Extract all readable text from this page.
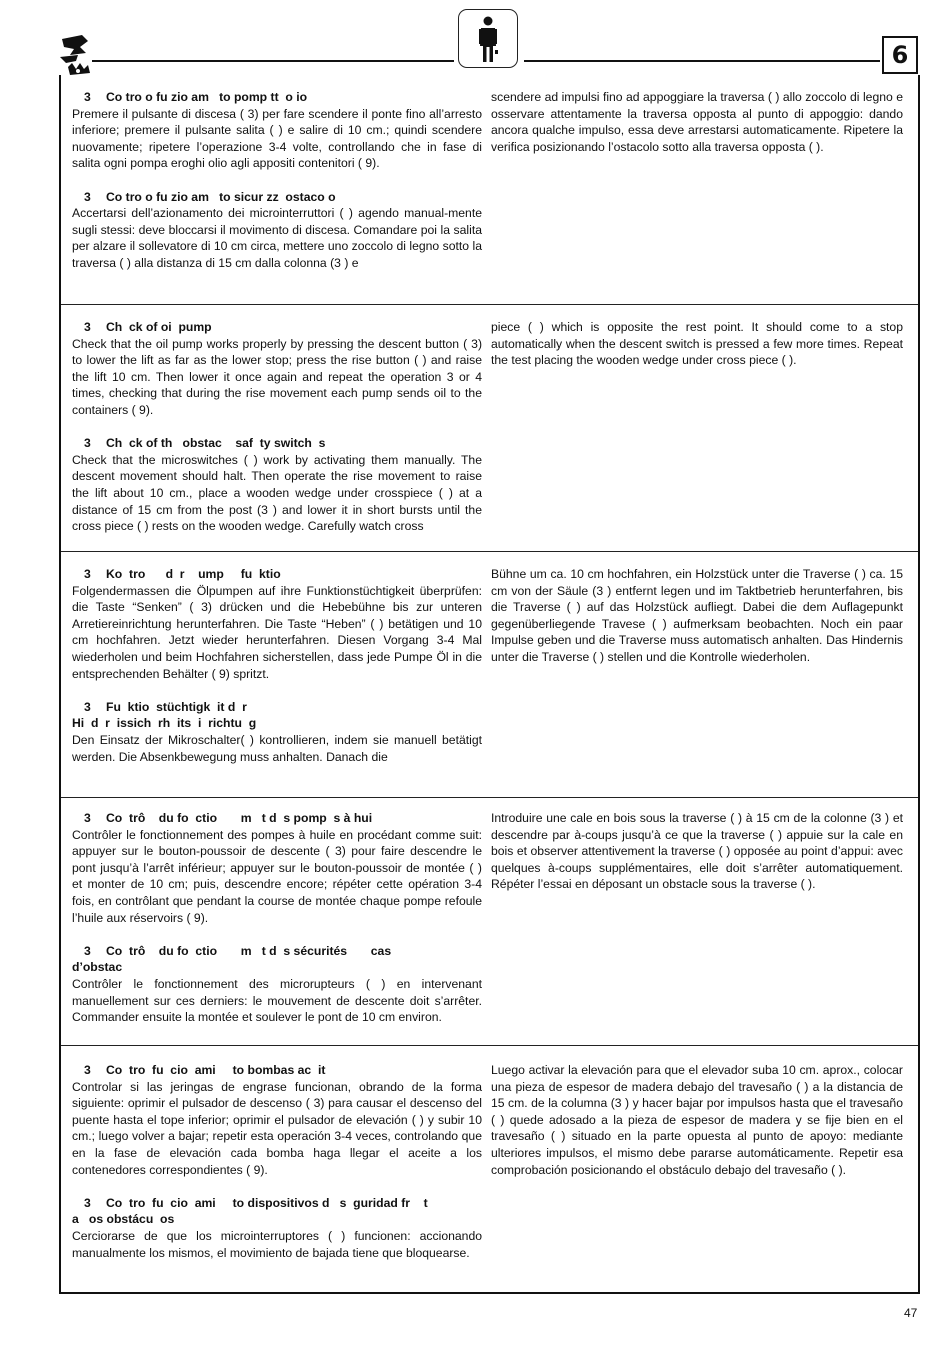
6

3 Co tro o fu zio am   to pomp tt  o io

Premere il pulsante di discesa ( 3) per fare scendere il ponte fino all’arresto inferiore; premere il pulsante salita ( ) e salire di 10 cm.; quindi scendere nuovamente; ripetere l’operazione 3-4 volte, controllando che in fase di salita ogni pompa eroghi olio agli appositi contenitori ( 9).

3 Co tro o fu zio am   to sicur zz  ostaco o

Accertarsi dell’azionamento dei microinterruttori ( ) agendo manual-mente sugli stessi: deve bloccarsi il movimento di discesa. Comandare poi la salita per alzare il sollevatore di 10 cm circa, mettere uno zoccolo di legno sotto la traversa ( ) alla distanza di 15 cm dalla colonna (3 ) e

scendere ad impulsi fino ad appoggiare la traversa ( ) allo zoccolo di legno e osservare attentamente la traversa opposta al punto di appoggio: dando ancora qualche impulso, essa deve arrestarsi automaticamente. Ripetere la verifica posizionando l’ostacolo sotto alla traversa opposta ( ).

3 Ch  ck of oi  pump

Check that the oil pump works properly by pressing the descent button ( 3) to lower the lift as far as the lower stop; press the rise button ( ) and raise the lift 10 cm. Then lower it once again and repeat the operation 3 or 4 times, checking that during the rise movement each pump sends oil to the containers ( 9).

3 Ch  ck of th   obstac    saf  ty switch  s

Check that the microswitches ( ) work by activating them manually. The descent movement should halt. Then operate the rise movement to raise the lift about 10 cm., place a wooden wedge under crosspiece ( ) at a distance of 15 cm from the post (3 ) and lower it in short bursts until the cross piece ( ) rests on the wooden wedge. Carefully watch cross

piece ( ) which is opposite the rest point. It should come to a stop automatically when the descent switch is pressed a few more times. Repeat the test placing the wooden wedge under cross piece ( ).

3 Ko  tro      d  r    ump     fu  ktio

Folgendermassen die Ölpumpen auf ihre Funktionstüchtigkeit überprüfen: die Taste “Senken” ( 3) drücken und die Hebebühne bis zur unteren Arretiereinrichtung herunterfahren. Die Taste “Heben” ( ) betätigen und 10 cm hochfahren. Jetzt wieder herunterfahren. Diesen Vorgang 3-4 Mal wiederholen und beim Hochfahren sicherstellen, dass jede Pumpe Öl in die entsprechenden Behälter ( 9) spritzt.

3 Fu  ktio  stüchtigk  it d  r
Hi  d  r  issich  rh  its  i  richtu  g

Den Einsatz der Mikroschalter( ) kontrollieren, indem sie manuell betätigt werden. Die Absenkbewegung muss anhalten. Danach die

Bühne um ca. 10 cm hochfahren, ein Holzstück unter die Traverse ( ) ca. 15 cm von der Säule (3 ) entfernt legen und im Taktbetrieb herunterfahren, bis die Traverse ( ) auf das Holzstück aufliegt. Dabei die dem Auflagepunkt gegenüberliegende Travese ( ) aufmerksam beobachten. Noch ein paar Impulse geben und die Traverse muss automatisch anhalten. Das Hindernis unter die Traverse ( ) stellen und die Kontrolle wiederholen.

3 Co  trô    du fo  ctio       m   t d  s pomp  s à hui

Contrôler le fonctionnement des pompes à huile en procédant comme suit: appuyer sur le bouton-poussoir de descente ( 3) pour faire descendre le pont jusqu’à l’arrêt inférieur; appuyer sur le bouton-poussoir de montée ( ) et monter de 10 cm; puis, descendre encore; répéter cette opération 3-4 fois, en contrôlant que pendant la course de montée chaque pompe refoule l’huile aux réservoirs ( 9).

3 Co  trô    du fo  ctio       m   t d  s sécurités       cas
d’obstac

Contrôler le fonctionnement des microrupteurs ( ) en intervenant manuellement sur ces derniers: le mouvement de descente doit s’arrêter. Commander ensuite la montée et soulever le pont de 10 cm environ.

Introduire une cale en bois sous la traverse ( ) à 15 cm de la colonne (3 ) et descendre par à-coups jusqu’à ce que la traverse ( ) appuie sur la cale en bois et observer attentivement la traverse ( ) opposée au point d’appui: avec quelques à-coups supplémentaires, elle doit s’arrêter automatiquement. Répéter l’essai en déposant un obstacle sous la traverse ( ).

3 Co  tro  fu  cio  ami     to bombas ac  it

Controlar si las jeringas de engrase funcionan, obrando de la forma siguiente: oprimir el pulsador de descenso ( 3) para causar el descenso del puente hasta el tope inferior; oprimir el pulsador de elevación ( ) y subir 10 cm.; luego volver a bajar; repetir esta operación 3-4 veces, controlando que en la fase de elevación cada bomba haga llegar el aceite a los contenedores correspondientes ( 9).

3 Co  tro  fu  cio  ami     to dispositivos d   s  guridad fr    t
a   os obstácu  os

Cerciorarse de que los microinterruptores ( ) funcionen: accionando manualmente los mismos, el movimiento de bajada tiene que bloquearse.

Luego activar la elevación para que el elevador suba 10 cm. aprox., colocar una pieza de espesor de madera debajo del travesaño ( ) a la distancia de 15 cm. de la columna (3 ) y hacer bajar por impulsos hasta que el travesaño ( ) quede adosado a la pieza de espesor de madera y se fije bien en el travesaño ( ) situado en la parte opuesta al punto de apoyo: mediante ulteriores impulsos, el mismo debe pararse automáticamente. Repetir esa comprobación posicionando el obstáculo debajo del travesaño ( ).

47
